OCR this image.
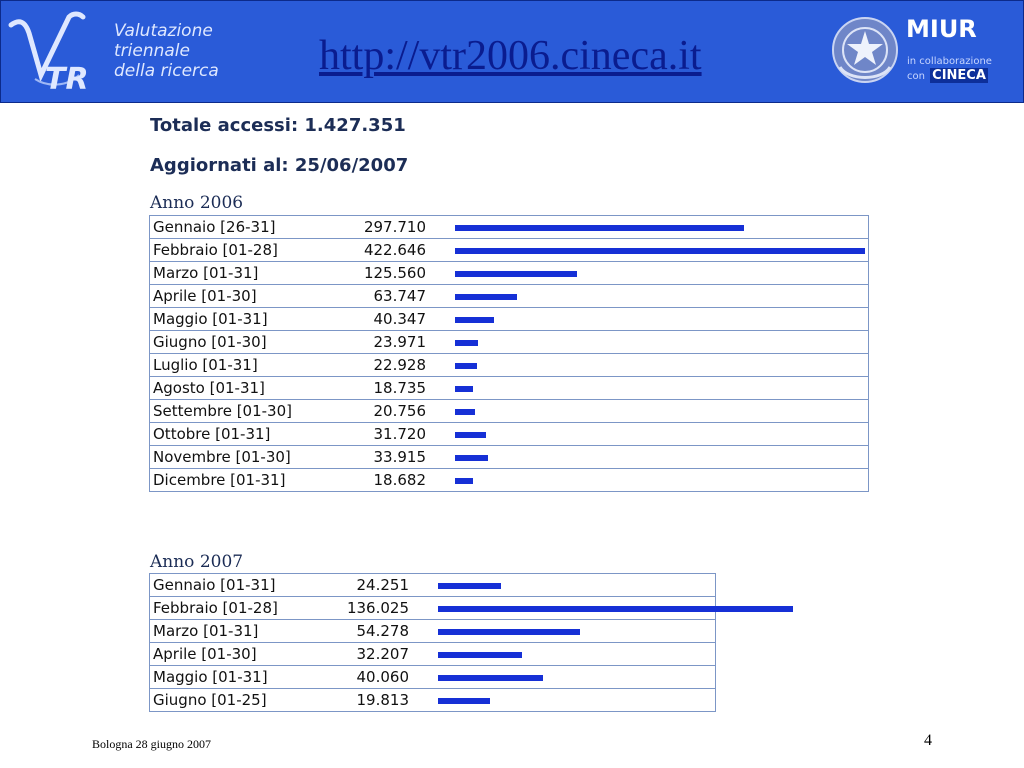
TR
Valutazione
triennale
della ricerca http://vtr2006.cineca.it
MIUR
in collaborazione
con CINECA
Totale accessi: 1.427.351
Aggiornati al: 25/06/2007
Anno 2006
Gennaio [26-31]	297.710
Febbraio [01-28]	422.646
Marzo [01-31]	125.560
Aprile [01-30]	63.747
Maggio [01-31]	40.347
Giugno [01-30]	23.971
Luglio [01-31]	22.928
Agosto [01-31]	18.735
Settembre [01-30]	20.756
Ottobre [01-31]	31.720
Novembre [01-30]	33.915
Dicembre [01-31]	18.682
Anno 2007
Gennaio [01-31]	24.251
Febbraio [01-28]	136.025
Marzo [01-31]	54.278
Aprile [01-30]	32.207
Maggio [01-31]	40.060
Giugno [01-25]	19.813
Bologna 28 giugno 2007	4
